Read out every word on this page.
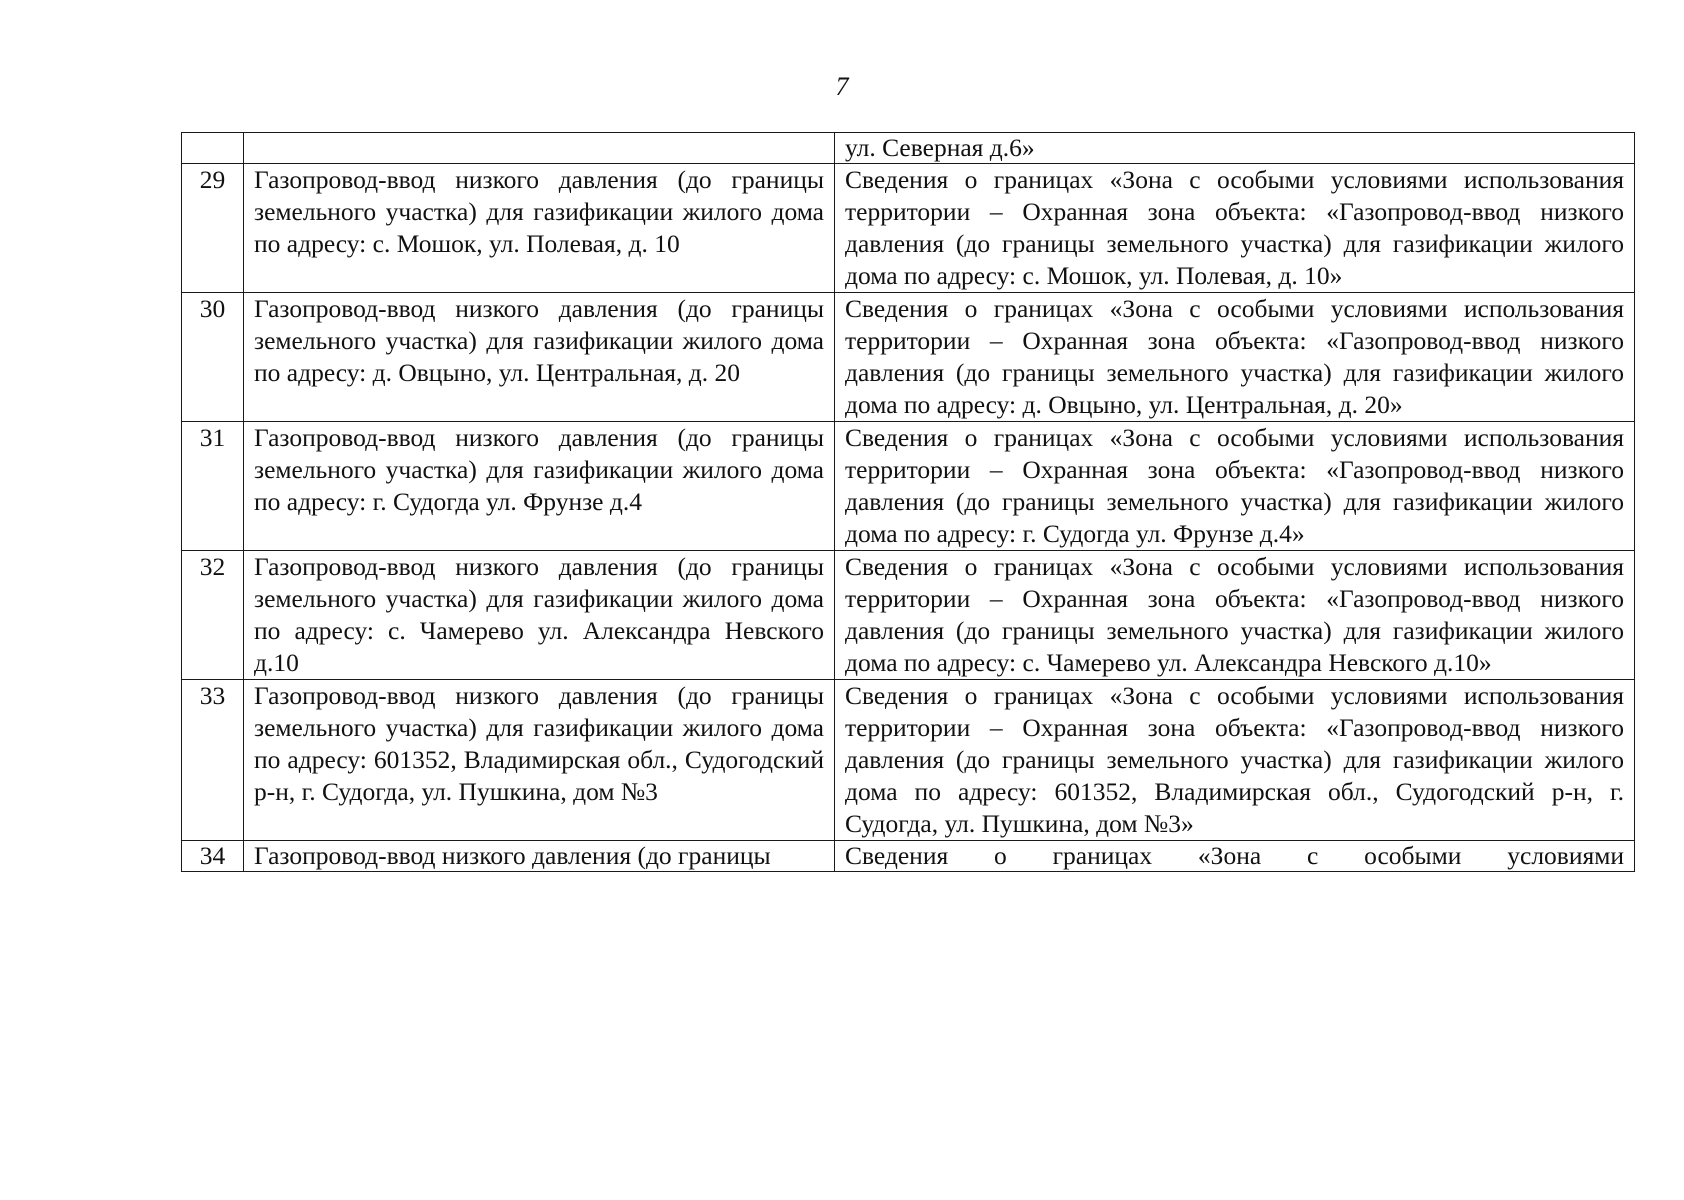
7
		ул. Северная д.6»
29	Газопровод-ввод низкого давления (до границы земельного участка) для газификации жилого дома по адресу: с. Мошок, ул. Полевая, д. 10	Сведения о границах «Зона с особыми условиями использования территории – Охранная зона объекта: «Газопровод-ввод низкого давления (до границы земельного участка) для газификации жилого дома по адресу: с. Мошок, ул. Полевая, д. 10»
30	Газопровод-ввод низкого давления (до границы земельного участка) для газификации жилого дома по адресу: д. Овцыно, ул. Центральная, д. 20	Сведения о границах «Зона с особыми условиями использования территории – Охранная зона объекта: «Газопровод-ввод низкого давления (до границы земельного участка) для газификации жилого дома по адресу: д. Овцыно, ул. Центральная, д. 20»
31	Газопровод-ввод низкого давления (до границы земельного участка) для газификации жилого дома по адресу: г. Судогда ул. Фрунзе д.4	Сведения о границах «Зона с особыми условиями использования территории – Охранная зона объекта: «Газопровод-ввод низкого давления (до границы земельного участка) для газификации жилого дома по адресу: г. Судогда ул. Фрунзе д.4»
32	Газопровод-ввод низкого давления (до границы земельного участка) для газификации жилого дома по адресу: с. Чамерево ул. Александра Невского д.10	Сведения о границах «Зона с особыми условиями использования территории – Охранная зона объекта: «Газопровод-ввод низкого давления (до границы земельного участка) для газификации жилого дома по адресу: с. Чамерево ул. Александра Невского д.10»
33	Газопровод-ввод низкого давления (до границы земельного участка) для газификации жилого дома по адресу: 601352, Владимирская обл., Судогодский р-н, г. Судогда, ул. Пушкина, дом №3	Сведения о границах «Зона с особыми условиями использования территории – Охранная зона объекта: «Газопровод-ввод низкого давления (до границы земельного участка) для газификации жилого дома по адресу: 601352, Владимирская обл., Судогодский р-н, г. Судогда, ул. Пушкина, дом №3»
34	Газопровод-ввод низкого давления (до границы	Сведения о границах «Зона с особыми условиями
